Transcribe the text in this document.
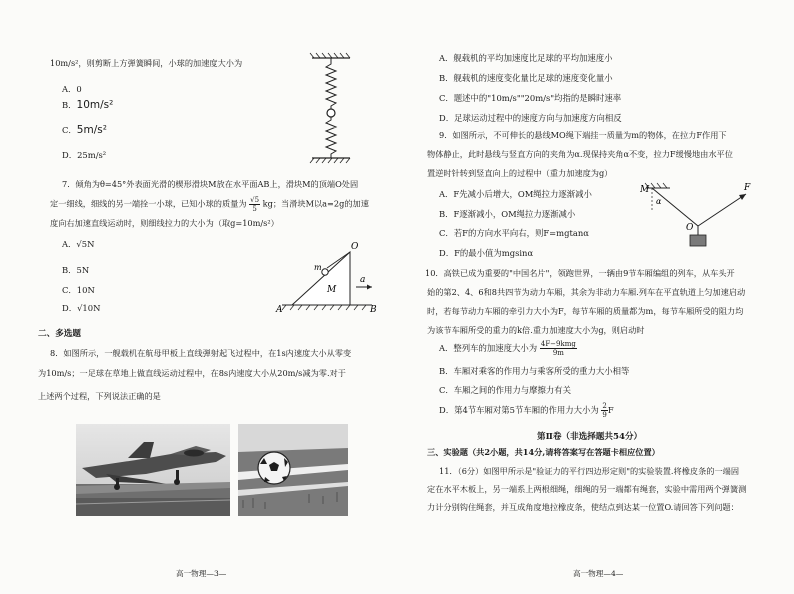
10m/s²，则剪断上方弹簧瞬间，小球的加速度大小为
A．0
B．10m/s²
C．5m/s²
D．25m/s²
7．倾角为θ=45°外表面光滑的楔形滑块M放在水平面AB上，滑块M的顶端O处固
定一细线，细线的另一端拴一小球，已知小球的质量为 $\frac{√5}{5}$ kg；当滑块M以a=2g的加速
度向右加速直线运动时，则细线拉力的大小为（取g=10m/s²）
A．√5N
B．5N
C．10N
D．√10N
O
m
M
a
A	B
二、多选题
8．如图所示，一舰载机在航母甲板上直线弹射起飞过程中，在1s内速度大小从零变
为10m/s；一足球在草地上做直线运动过程中，在8s内速度大小从20m/s减为零.对于
上述两个过程，下列说法正确的是
高一物理—3—
A．舰载机的平均加速度比足球的平均加速度小
B．舰载机的速度变化量比足球的速度变化量小
C．题述中的"10m/s""20m/s"均指的是瞬时速率
D．足球运动过程中的速度方向与加速度方向相反
9．如图所示，不可伸长的悬线MO绳下端挂一质量为m的物体，在拉力F作用下
物体静止，此时悬线与竖直方向的夹角为α.现保持夹角α不变，拉力F缓慢地由水平位
置逆时针转到竖直向上的过程中（重力加速度为g）
A．F先减小后增大，OM绳拉力逐渐减小
B．F逐渐减小，OM绳拉力逐渐减小
C．若F的方向水平向右，则F=mgtanα
D．F的最小值为mgsinα
M
α
F
O
10．高铁已成为重要的"中国名片"，领跑世界，一辆由9节车厢编组的列车，从车头开
始的第2、4、6和8共四节为动力车厢，其余为非动力车厢.列车在平直轨道上匀加速启动
时，若每节动力车厢的牵引力大小为F，每节车厢的质量都为m，每节车厢所受的阻力均
为该节车厢所受的重力的k倍.重力加速度大小为g，则启动时
A．整列车的加速度大小为 $\frac{\text{4F−9kmg}}{9m}$
B．车厢对乘客的作用力与乘客所受的重力大小相等
C．车厢之间的作用力与摩擦力有关
D．第4节车厢对第5节车厢的作用力大小为 $\frac{2}{9}$ F
第Ⅱ卷（非选择题共54分）
三、实验题（共2小题，共14分,请将答案写在答题卡相应位置）
11．（6分）如图甲所示是"验证力的平行四边形定则"的实验装置.将橡皮条的一端固
定在水平木板上，另一端系上两根细绳，细绳的另一端都有绳套，实验中需用两个弹簧测
力计分别钩住绳套，并互成角度地拉橡皮条，使结点到达某一位置O.请回答下列问题：
高一物理—4—
